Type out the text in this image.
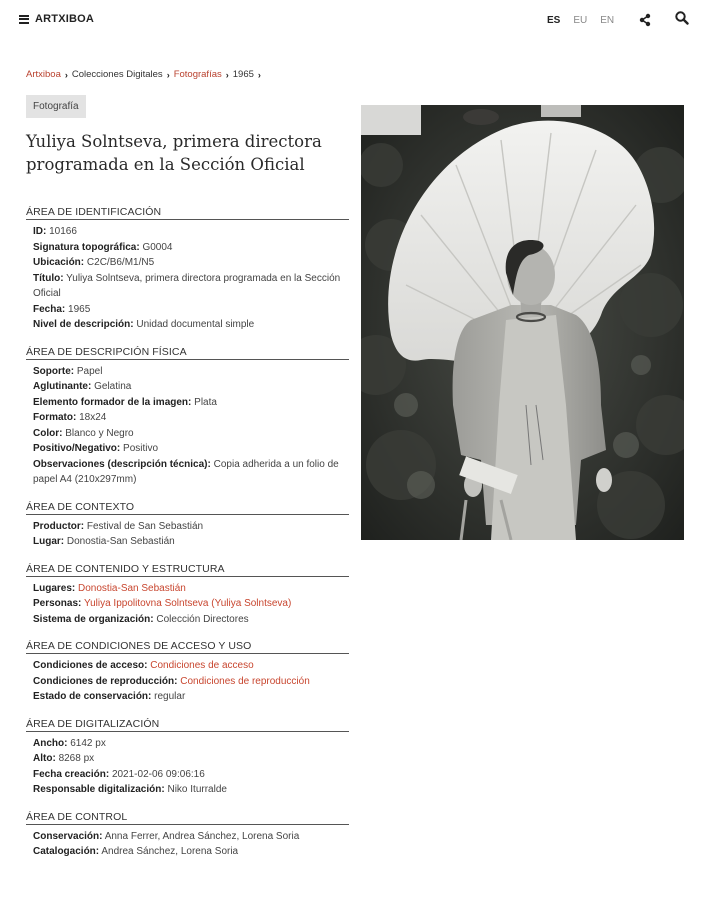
ARTXIBOA	ES EU EN
Artxiboa › Colecciones Digitales › Fotografías › 1965 ›
Fotografía
Yuliya Solntseva, primera directora programada en la Sección Oficial
ÁREA DE IDENTIFICACIÓN
ID: 10166
Signatura topográfica: G0004
Ubicación: C2C/B6/M1/N5
Título: Yuliya Solntseva, primera directora programada en la Sección Oficial
Fecha: 1965
Nivel de descripción: Unidad documental simple
ÁREA DE DESCRIPCIÓN FÍSICA
Soporte: Papel
Aglutinante: Gelatina
Elemento formador de la imagen: Plata
Formato: 18x24
Color: Blanco y Negro
Positivo/Negativo: Positivo
Observaciones (descripción técnica): Copia adherida a un folio de papel A4 (210x297mm)
ÁREA DE CONTEXTO
Productor: Festival de San Sebastián
Lugar: Donostia-San Sebastián
ÁREA DE CONTENIDO Y ESTRUCTURA
Lugares: Donostia-San Sebastián
Personas: Yuliya Ippolitovna Solntseva (Yuliya Solntseva)
Sistema de organización: Colección Directores
ÁREA DE CONDICIONES DE ACCESO Y USO
Condiciones de acceso: Condiciones de acceso
Condiciones de reproducción: Condiciones de reproducción
Estado de conservación: regular
ÁREA DE DIGITALIZACIÓN
Ancho: 6142 px
Alto: 8268 px
Fecha creación: 2021-02-06 09:06:16
Responsable digitalización: Niko Iturralde
ÁREA DE CONTROL
Conservación: Anna Ferrer, Andrea Sánchez, Lorena Soria
Catalogación: Andrea Sánchez, Lorena Soria
